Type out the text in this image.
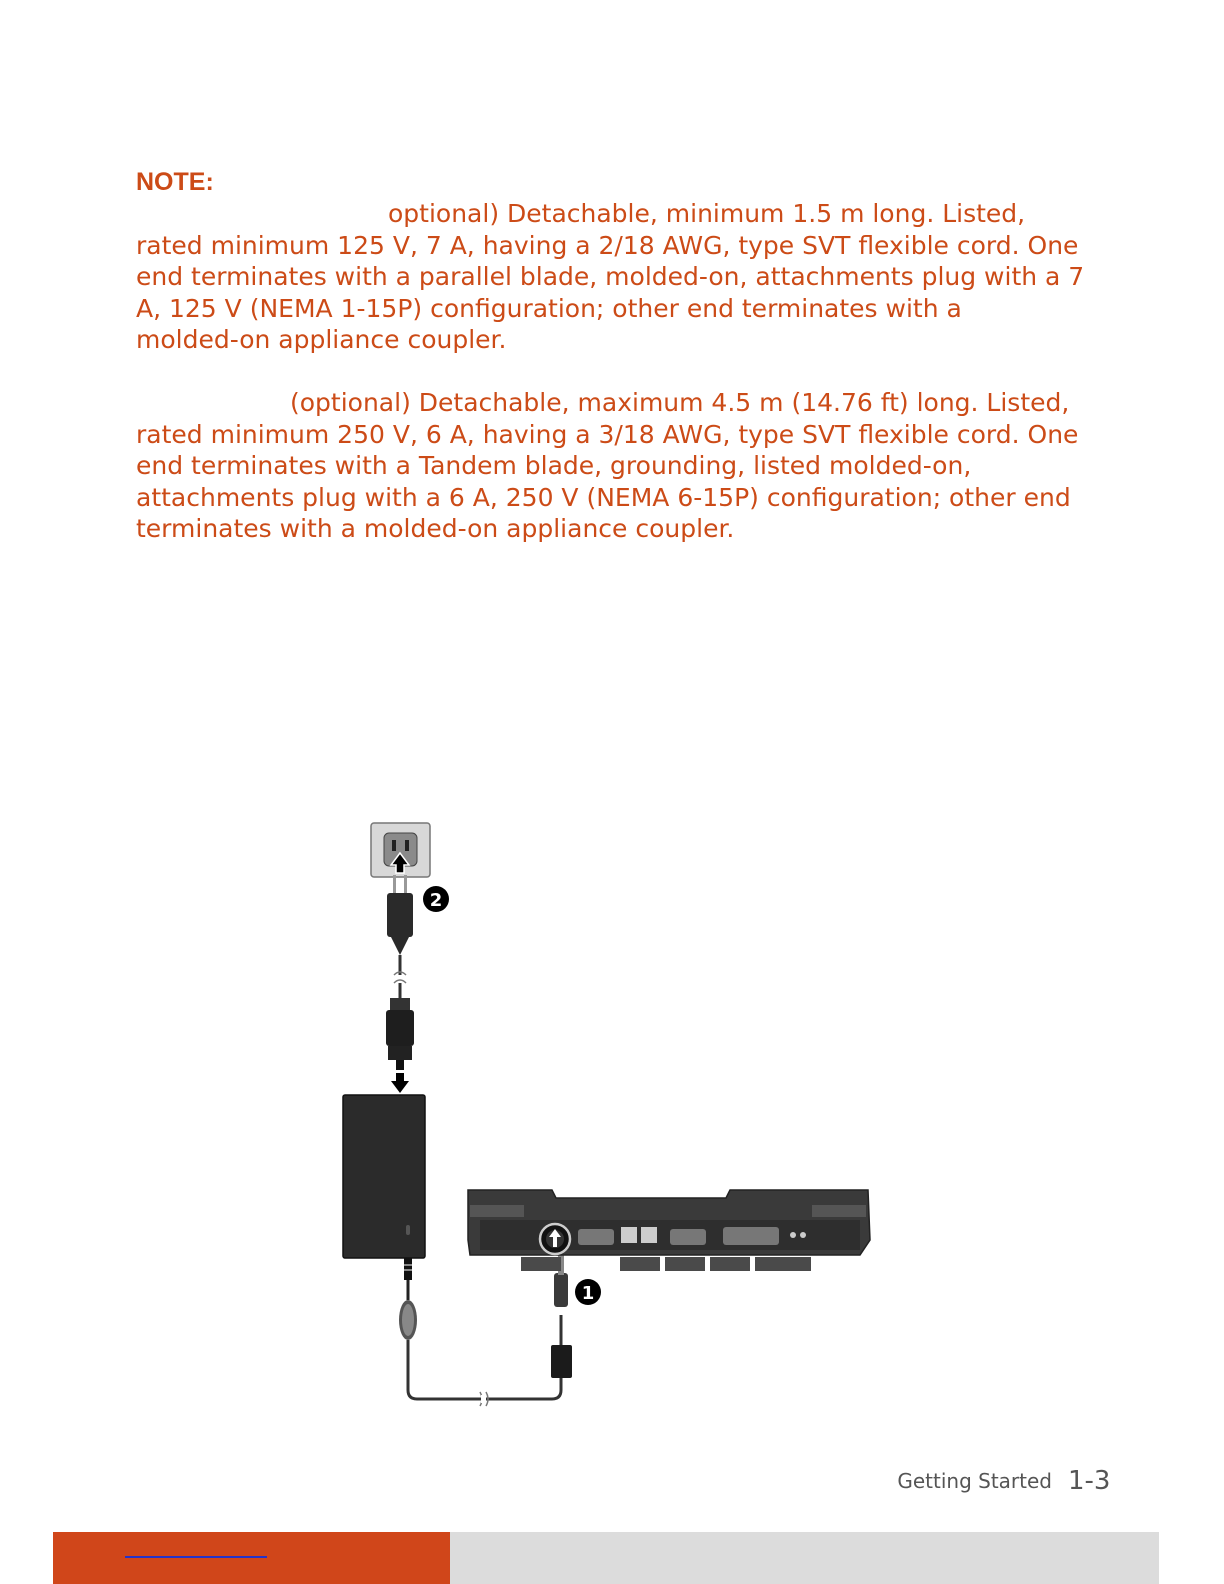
NOTE:

optional) Detachable, minimum 1.5 m long. Listed,
rated minimum 125 V, 7 A, having a 2/18 AWG, type SVT flexible cord. One
end terminates with a parallel blade, molded-on, attachments plug with a 7
A, 125 V (NEMA 1-15P) configuration; other end terminates with a
molded-on appliance coupler.

(optional) Detachable, maximum 4.5 m (14.76 ft) long. Listed,
rated minimum 250 V, 6 A, having a 3/18 AWG, type SVT flexible cord. One
end terminates with a Tandem blade, grounding, listed molded-on,
attachments plug with a 6 A, 250 V (NEMA 6-15P) configuration; other end
terminates with a molded-on appliance coupler.

2
1
Getting Started 1-3
